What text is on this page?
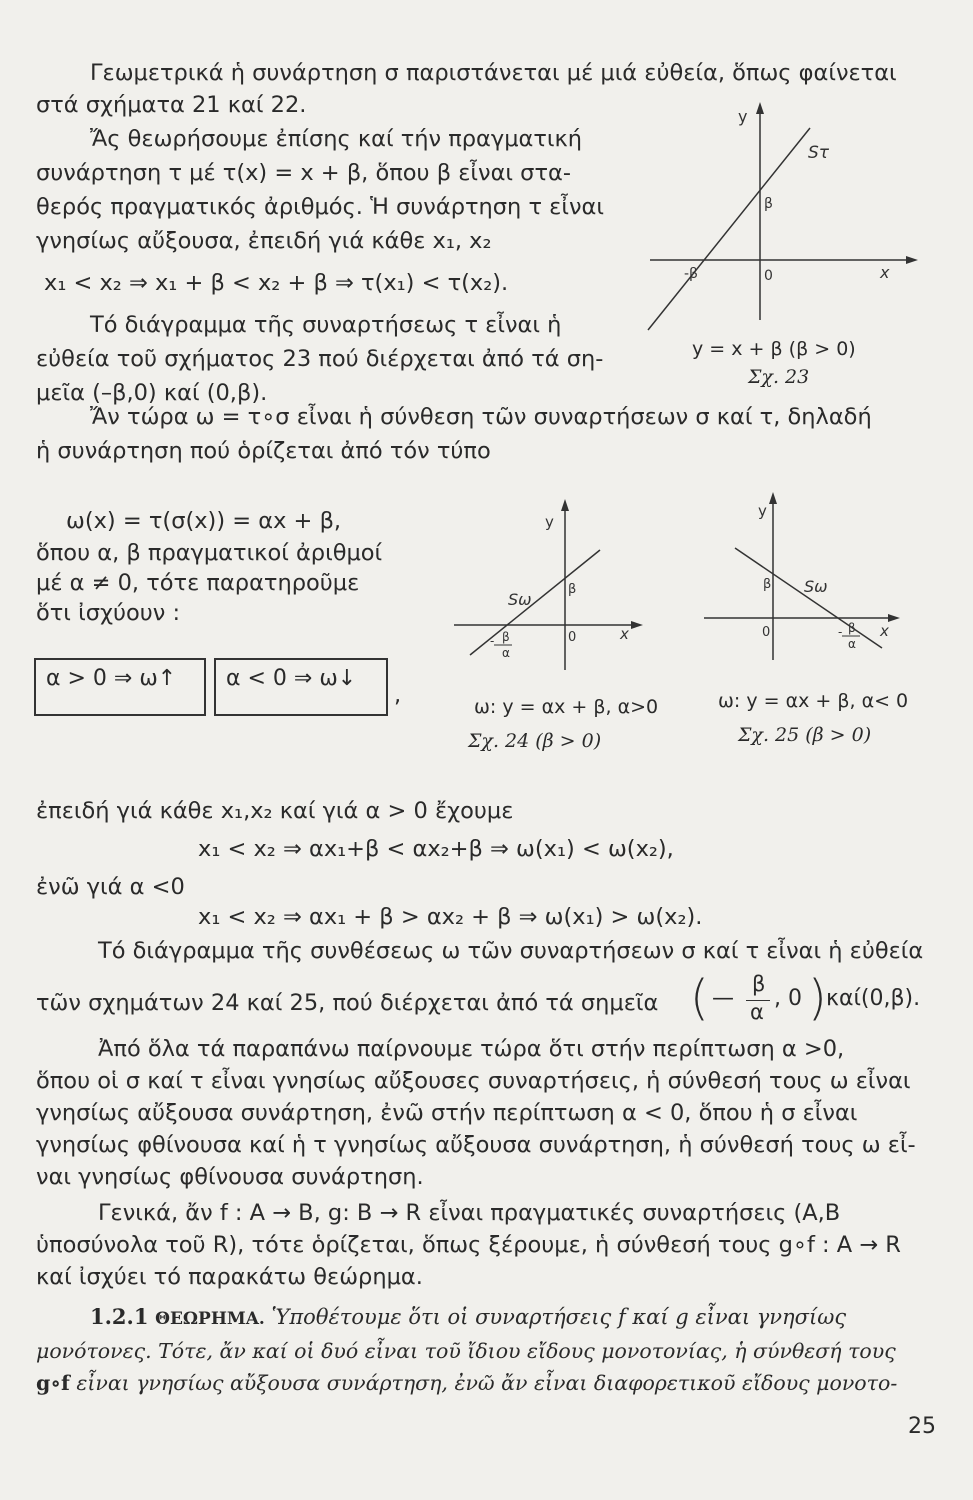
Γεωμετρικά ἡ συνάρτηση σ παριστάνεται μέ μιά εὐθεία, ὅπως φαίνεται
στά σχήματα 21 καί 22.
Ἄς θεωρήσουμε ἐπίσης καί τήν πραγματική
συνάρτηση τ μέ τ(x) = x + β, ὅπου β εἶναι στα-
θερός πραγματικός ἀριθμός. Ἡ συνάρτηση τ εἶναι
γνησίως αὔξουσα, ἐπειδή γιά κάθε x₁, x₂
x₁ < x₂ ⇒ x₁ + β < x₂ + β ⇒ τ(x₁) < τ(x₂).
Τό διάγραμμα τῆς συναρτήσεως τ εἶναι ἡ
εὐθεία τοῦ σχήματος 23 πού διέρχεται ἀπό τά ση-
μεῖα (–β,0) καί (0,β).
y
x
0
-β
β
Sτ
y = x + β (β > 0)
Σχ. 23
Ἄν τώρα ω = τ∘σ εἶναι ἡ σύνθεση τῶν συναρτήσεων σ καί τ, δηλαδή
ἡ συνάρτηση πού ὁρίζεται ἀπό τόν τύπο
ω(x) = τ(σ(x)) = αx + β,
ὅπου α, β πραγματικοί ἀριθμοί
μέ α ≠ 0, τότε παρατηροῦμε
ὅτι ἰσχύουν :
α > 0 ⇒ ω↑	α < 0 ⇒ ω↓
,
y
x
0
β
Sω
β
-
α
ω: y = αx + β, α>0
Σχ. 24 (β > 0)
y
x
0
β Sω
β
-
α
ω: y = αx + β, α< 0
Σχ. 25 (β > 0)
ἐπειδή γιά κάθε x₁,x₂ καί γιά α > 0 ἔχουμε
x₁ < x₂ ⇒ αx₁+β < αx₂+β ⇒ ω(x₁) < ω(x₂),
ἐνῶ γιά α <0
x₁ < x₂ ⇒ αx₁ + β > αx₂ + β ⇒ ω(x₁) > ω(x₂).
Τό διάγραμμα τῆς συνθέσεως ω τῶν συναρτήσεων σ καί τ εἶναι ἡ εὐθεία
τῶν σχημάτων 24 καί 25, πού διέρχεται ἀπό τά σημεῖα ( —
β
α
, 0 ) καί(0,β).
Ἀπό ὅλα τά παραπάνω παίρνουμε τώρα ὅτι στήν περίπτωση α >0,
ὅπου οἱ σ καί τ εἶναι γνησίως αὔξουσες συναρτήσεις, ἡ σύνθεσή τους ω εἶναι
γνησίως αὔξουσα συνάρτηση, ἐνῶ στήν περίπτωση α < 0, ὅπου ἡ σ εἶναι
γνησίως φθίνουσα καί ἡ τ γνησίως αὔξουσα συνάρτηση, ἡ σύνθεσή τους ω εἶ-
ναι γνησίως φθίνουσα συνάρτηση.
Γενικά, ἄν f : A → B, g: B → R εἶναι πραγματικές συναρτήσεις (A,B
ὑποσύνολα τοῦ R), τότε ὁρίζεται, ὅπως ξέρουμε, ἡ σύνθεσή τους g∘f : A → R
καί ἰσχύει τό παρακάτω θεώρημα.
1.2.1 ΘΕΩΡΗΜΑ. Ὑποθέτουμε ὅτι οἱ συναρτήσεις f καί g εἶναι γνησίως
μονότονες. Τότε, ἄν καί οἱ δυό εἶναι τοῦ ἴδιου εἴδους μονοτονίας, ἡ σύνθεσή τους
g∘f εἶναι γνησίως αὔξουσα συνάρτηση, ἐνῶ ἄν εἶναι διαφορετικοῦ εἴδους μονοτο-
25
